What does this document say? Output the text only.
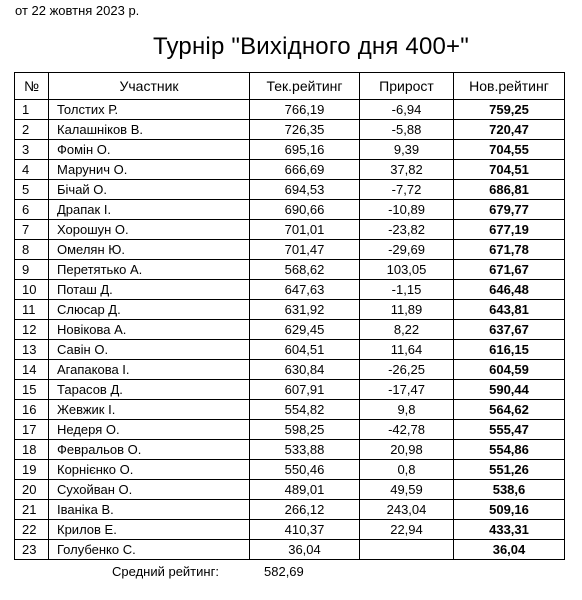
от 22 жовтня 2023 р.
Турнір "Вихідного дня 400+"
№	Участник	Тек.рейтинг	Прирост	Нов.рейтинг
1	Толстих Р.	766,19	-6,94	759,25
2	Калашніков В.	726,35	-5,88	720,47
3	Фомін О.	695,16	9,39	704,55
4	Марунич О.	666,69	37,82	704,51
5	Бічай О.	694,53	-7,72	686,81
6	Драпак І.	690,66	-10,89	679,77
7	Хорошун О.	701,01	-23,82	677,19
8	Омелян Ю.	701,47	-29,69	671,78
9	Перетятько А.	568,62	103,05	671,67
10	Поташ Д.	647,63	-1,15	646,48
11	Слюсар Д.	631,92	11,89	643,81
12	Новікова А.	629,45	8,22	637,67
13	Савін О.	604,51	11,64	616,15
14	Агапакова І.	630,84	-26,25	604,59
15	Тарасов Д.	607,91	-17,47	590,44
16	Жевжик І.	554,82	9,8	564,62
17	Недеря О.	598,25	-42,78	555,47
18	Февральов О.	533,88	20,98	554,86
19	Корнієнко О.	550,46	0,8	551,26
20	Сухойван О.	489,01	49,59	538,6
21	Іваніка В.	266,12	243,04	509,16
22	Крилов Е.	410,37	22,94	433,31
23	Голубенко С.	36,04		36,04
Средний рейтинг:	582,69
